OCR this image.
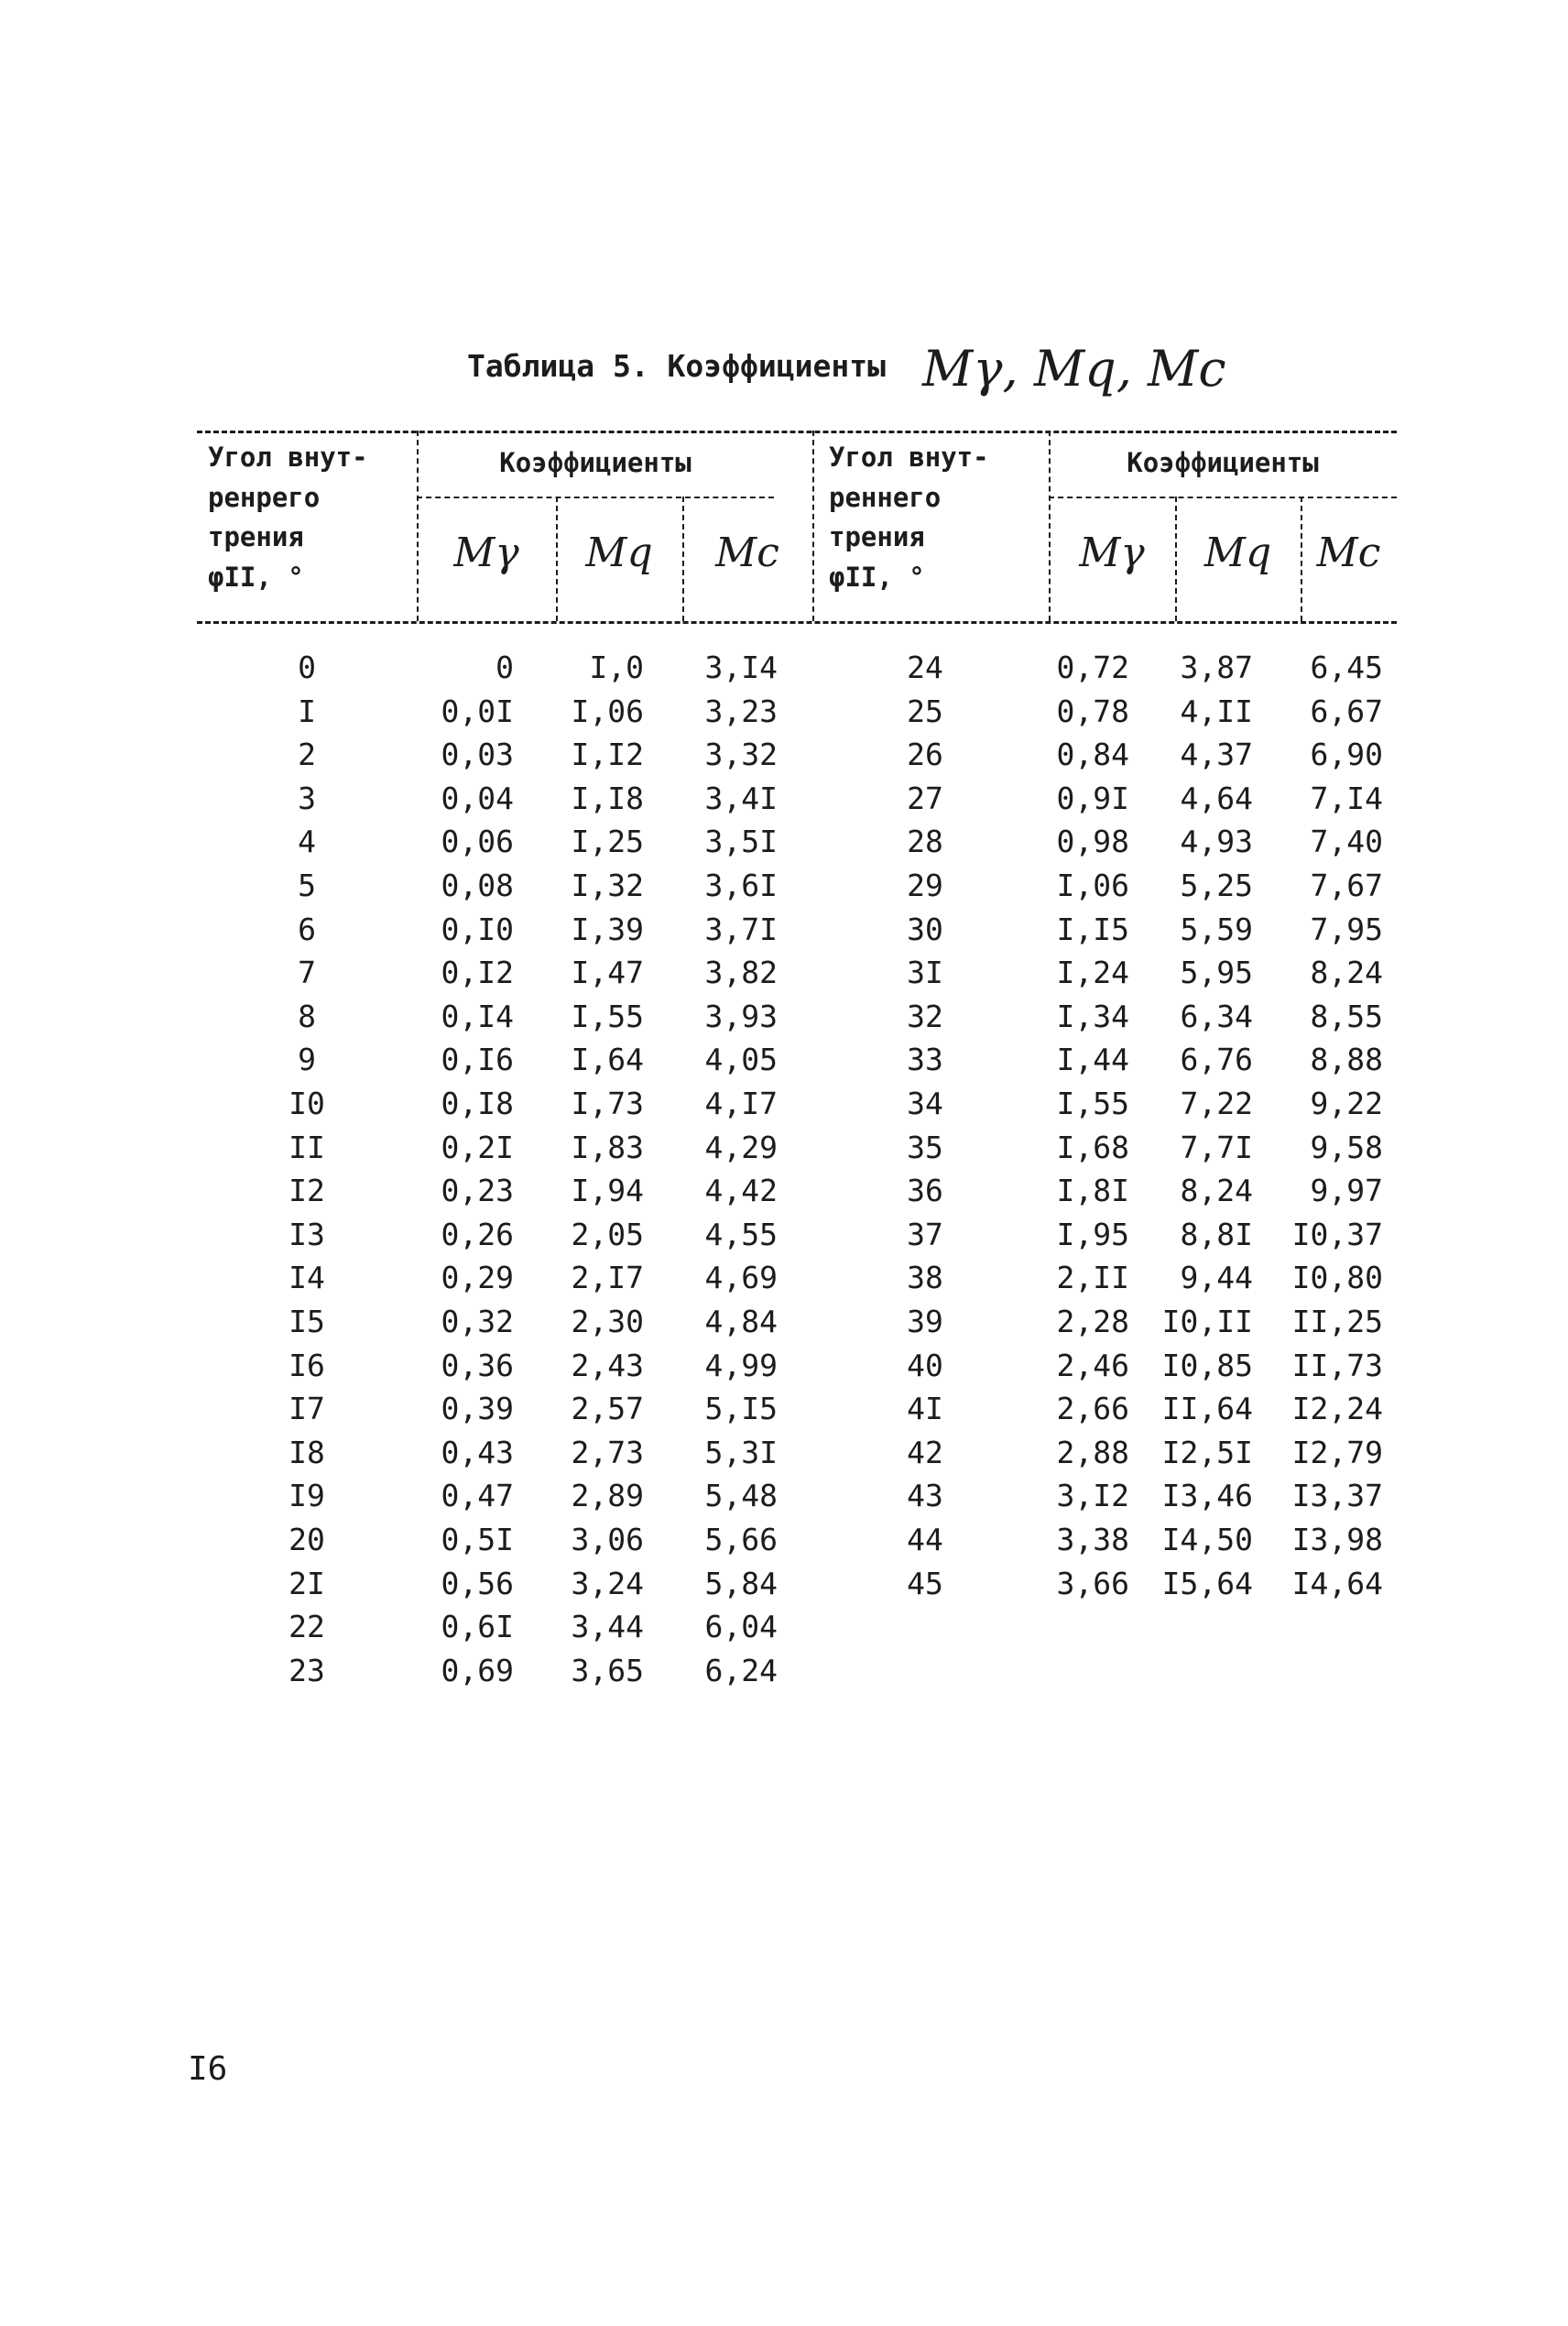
Таблица 5. Коэффициенты Mγ, Mq, Mc
Угол внут-
ренрего
трения
φII, °
Коэффициенты
Mγ	Mq	Mc
Угол внут-
реннего
трения
φII, °
Коэффициенты
Mγ	Mq	Mc
0	0	I,0	3,I4
I	0,0I	I,06	3,23
2	0,03	I,I2	3,32
3	0,04	I,I8	3,4I
4	0,06	I,25	3,5I
5	0,08	I,32	3,6I
6	0,I0	I,39	3,7I
7	0,I2	I,47	3,82
8	0,I4	I,55	3,93
9	0,I6	I,64	4,05
I0	0,I8	I,73	4,I7
II	0,2I	I,83	4,29
I2	0,23	I,94	4,42
I3	0,26	2,05	4,55
I4	0,29	2,I7	4,69
I5	0,32	2,30	4,84
I6	0,36	2,43	4,99
I7	0,39	2,57	5,I5
I8	0,43	2,73	5,3I
I9	0,47	2,89	5,48
20	0,5I	3,06	5,66
2I	0,56	3,24	5,84
22	0,6I	3,44	6,04
23	0,69	3,65	6,24
24	0,72	3,87	6,45
25	0,78	4,II	6,67
26	0,84	4,37	6,90
27	0,9I	4,64	7,I4
28	0,98	4,93	7,40
29	I,06	5,25	7,67
30	I,I5	5,59	7,95
3I	I,24	5,95	8,24
32	I,34	6,34	8,55
33	I,44	6,76	8,88
34	I,55	7,22	9,22
35	I,68	7,7I	9,58
36	I,8I	8,24	9,97
37	I,95	8,8I	I0,37
38	2,II	9,44	I0,80
39	2,28	I0,II	II,25
40	2,46	I0,85	II,73
4I	2,66	II,64	I2,24
42	2,88	I2,5I	I2,79
43	3,I2	I3,46	I3,37
44	3,38	I4,50	I3,98
45	3,66	I5,64	I4,64
I6
